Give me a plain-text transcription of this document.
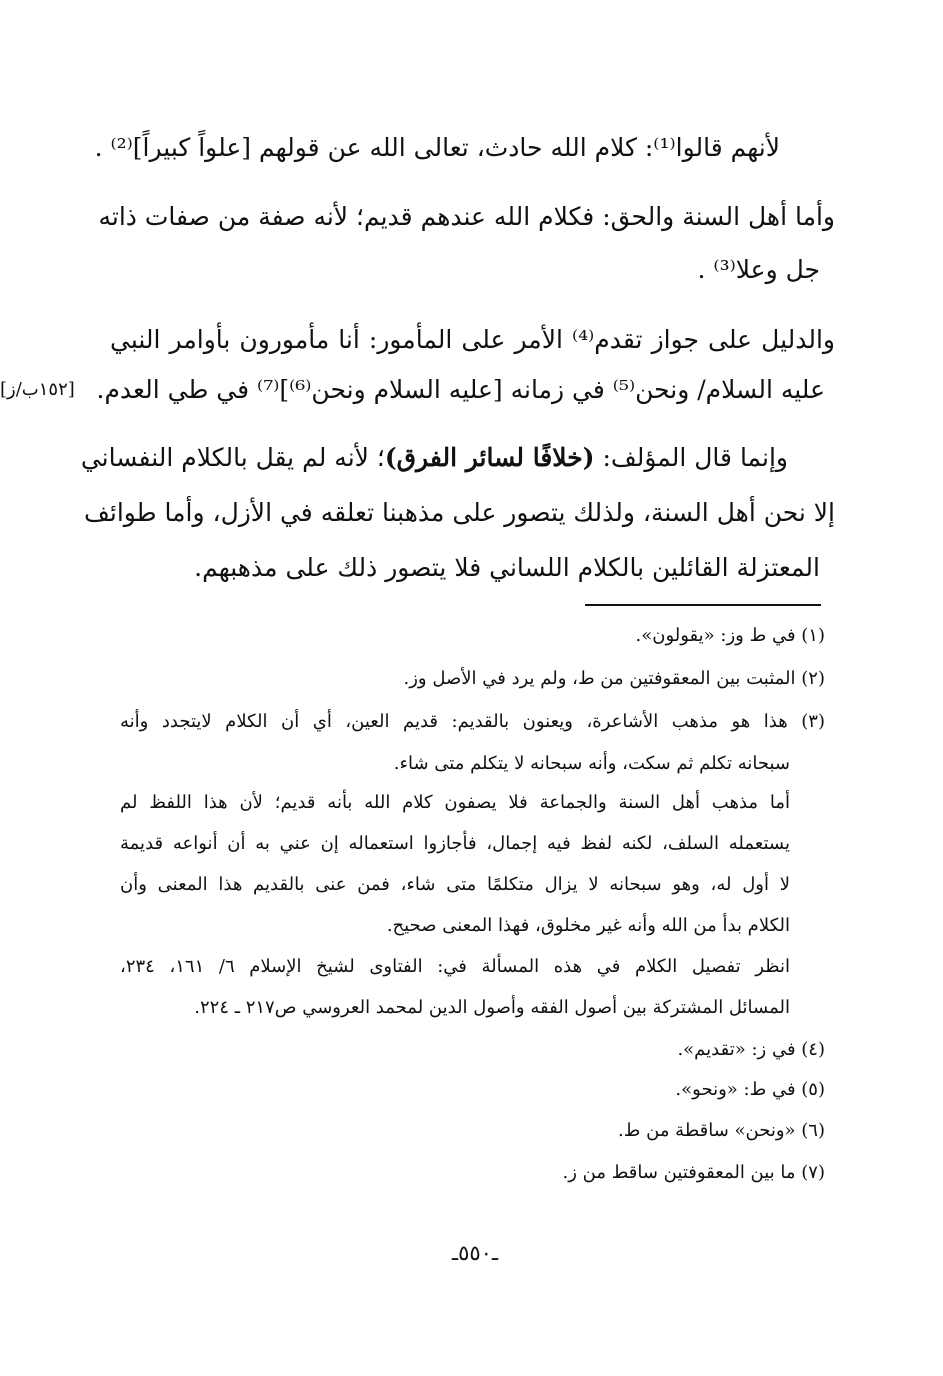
لأنهم قالوا⁽¹⁾: كلام الله حادث، تعالى الله عن قولهم [علواً كبيراً]⁽²⁾ .
وأما أهل السنة والحق: فكلام الله عندهم قديم؛ لأنه صفة من صفات ذاته
جل وعلا⁽³⁾ .
والدليل على جواز تقدم⁽⁴⁾ الأمر على المأمور: أنا مأمورون بأوامر النبي
عليه السلام/ ونحن⁽⁵⁾ في زمانه [عليه السلام ونحن⁽⁶⁾]⁽⁷⁾ في طي العدم.
[١٥٢ب/ز]
وإنما قال المؤلف: (خلافًا لسائر الفرق)؛ لأنه لم يقل بالكلام النفساني
إلا نحن أهل السنة، ولذلك يتصور على مذهبنا تعلقه في الأزل، وأما طوائف
المعتزلة القائلين بالكلام اللساني فلا يتصور ذلك على مذهبهم.
(١) في ط وز: «يقولون».
(٢) المثبت بين المعقوفتين من ط، ولم يرد في الأصل وز.
(٣) هذا هو مذهب الأشاعرة، ويعنون بالقديم: قديم العين، أي أن الكلام لايتجدد وأنه
سبحانه تكلم ثم سكت، وأنه سبحانه لا يتكلم متى شاء.
أما مذهب أهل السنة والجماعة فلا يصفون كلام الله بأنه قديم؛ لأن هذا اللفظ لم
يستعمله السلف، لكنه لفظ فيه إجمال، فأجازوا استعماله إن عني به أن أنواعه قديمة
لا أول له، وهو سبحانه لا يزال متكلمًا متى شاء، فمن عنى بالقديم هذا المعنى وأن
الكلام بدأ من الله وأنه غير مخلوق، فهذا المعنى صحيح.
انظر تفصيل الكلام في هذه المسألة في: الفتاوى لشيخ الإسلام ٦/ ١٦١، ٢٣٤،
المسائل المشتركة بين أصول الفقه وأصول الدين لمحمد العروسي ص٢١٧ ـ ٢٢٤.
(٤) في ز: «تقديم».
(٥) في ط: «ونحو».
(٦) «ونحن» ساقطة من ط.
(٧) ما بين المعقوفتين ساقط من ز.
ـ٥٥٠ـ
